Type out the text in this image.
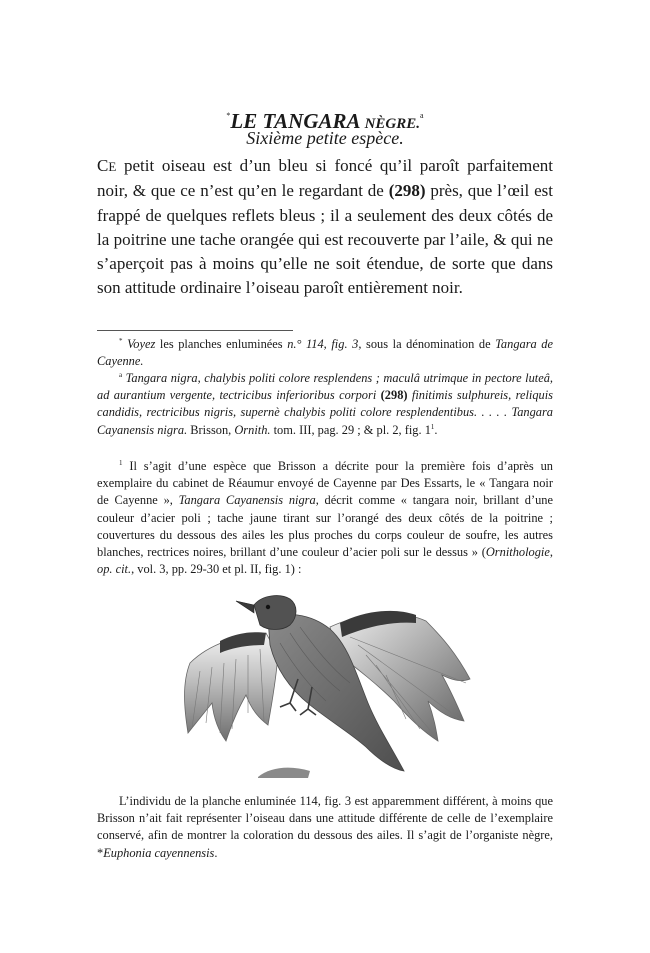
*LE TANGARA NÈGRE.$^a$
Sixième petite espèce.

CE petit oiseau est d’un bleu si foncé qu’il paroît parfaitement noir, & que ce n’est qu’en le regardant de (298) près, que l’œil est frappé de quelques reflets bleus ; il a seulement des deux côtés de la poitrine une tache orangée qui est recouverte par l’aile, & qui ne s’aperçoit pas à moins qu’elle ne soit étendue, de sorte que dans son attitude ordinaire l’oiseau paroît entièrement noir.

* Voyez les planches enluminées n.° 114, fig. 3, sous la dénomination de Tangara de Cayenne.

$^a$ Tangara nigra, chalybis politi colore resplendens ; maculâ utrimque in pectore luteâ, ad aurantium vergente, tectricibus inferioribus corpori (298) finitimis sulphureis, reliquis candidis, rectricibus nigris, supernè chalybis politi colore resplendentibus. . . . . Tangara Cayanensis nigra. Brisson, Ornith. tom. III, pag. 29 ; & pl. 2, fig. $1^1$.

$^1$ Il s’agit d’une espèce que Brisson a décrite pour la première fois d’après un exemplaire du cabinet de Réaumur envoyé de Cayenne par Des Essarts, le « Tangara noir de Cayenne », Tangara Cayanensis nigra, décrit comme « tangara noir, brillant d’une couleur d’acier poli ; tache jaune tirant sur l’orangé des deux côtés de la poitrine ; couvertures du dessous des ailes les plus proches du corps couleur de soufre, les autres blanches, rectrices noires, brillant d’une couleur d’acier poli sur le dessus » (Ornithologie, op. cit., vol. 3, pp. 29-30 et pl. II, fig. 1) :

L’individu de la planche enluminée 114, fig. 3 est apparemment différent, à moins que Brisson n’ait fait représenter l’oiseau dans une attitude différente de celle de l’exemplaire conservé, afin de montrer la coloration du dessous des ailes. Il s’agit de l’organiste nègre, *Euphonia cayennensis.
